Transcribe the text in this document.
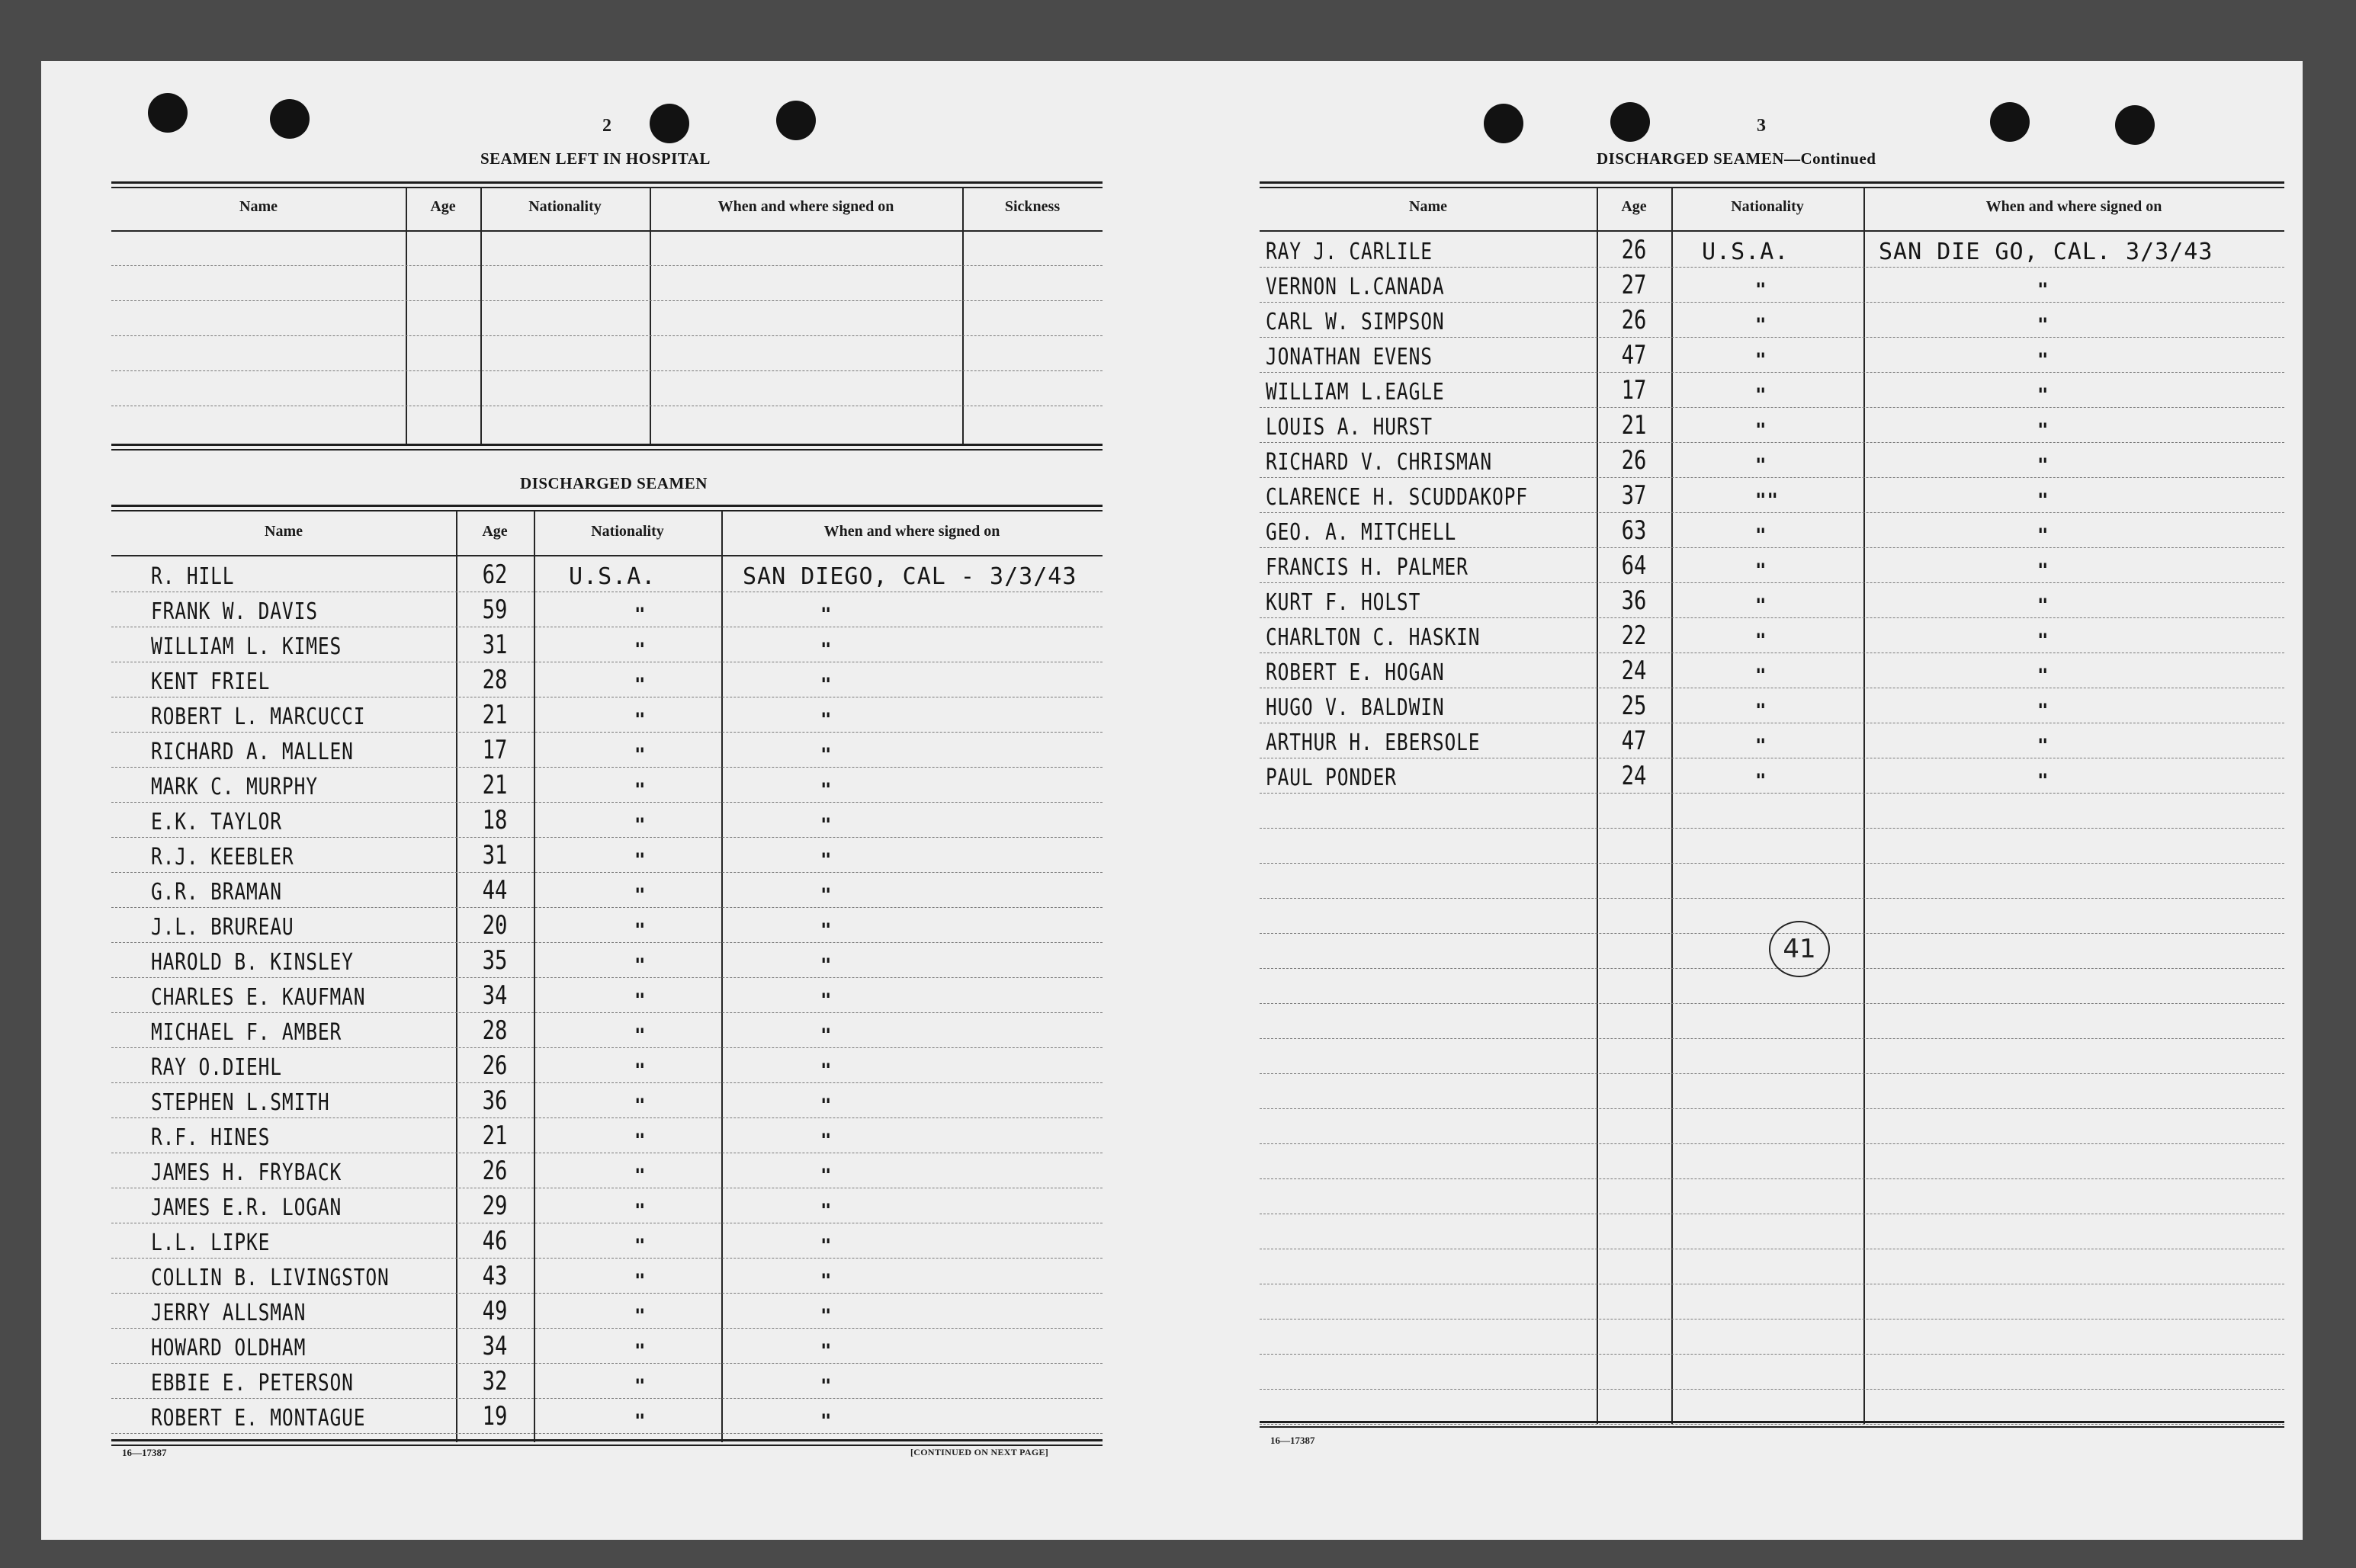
2
SEAMEN LEFT IN HOSPITAL
Name	Age	Nationality	When and where signed on	Sickness
DISCHARGED SEAMEN
Name	Age	Nationality	When and where signed on
R. HILL	62	U.S.A.	SAN DIEGO, CAL - 3/3/43
FRANK W. DAVIS	59	"	"
WILLIAM L. KIMES	31	"	"
KENT FRIEL	28	"	"
ROBERT L. MARCUCCI	21	"	"
RICHARD A. MALLEN	17	"	"
MARK C. MURPHY	21	"	"
E.K. TAYLOR	18	"	"
R.J. KEEBLER	31	"	"
G.R. BRAMAN	44	"	"
J.L. BRUREAU	20	"	"
HAROLD B. KINSLEY	35	"	"
CHARLES E. KAUFMAN	34	"	"
MICHAEL F. AMBER	28	"	"
RAY O.DIEHL	26	"	"
STEPHEN L.SMITH	36	"	"
R.F. HINES	21	"	"
JAMES H. FRYBACK	26	"	"
JAMES E.R. LOGAN	29	"	"
L.L. LIPKE	46	"	"
COLLIN B. LIVINGSTON	43	"	"
JERRY ALLSMAN	49	"	"
HOWARD OLDHAM	34	"	"
EBBIE E. PETERSON	32	"	"
ROBERT E. MONTAGUE	19	"	"
16—17387	[CONTINUED ON NEXT PAGE]
3
DISCHARGED SEAMEN—Continued
Name	Age	Nationality	When and where signed on
RAY J. CARLILE	26	U.S.A.	SAN DIE GO, CAL. 3/3/43
VERNON L.CANADA	27	"	"
CARL W. SIMPSON	26	"	"
JONATHAN EVENS	47	"	"
WILLIAM L.EAGLE	17	"	"
LOUIS A. HURST	21	"	"
RICHARD V. CHRISMAN	26	"	"
CLARENCE H. SCUDDAKOPF	37	""	"
GEO. A. MITCHELL	63	"	"
FRANCIS H. PALMER	64	"	"
KURT F. HOLST	36	"	"
CHARLTON C. HASKIN	22	"	"
ROBERT E. HOGAN	24	"	"
HUGO V. BALDWIN	25	"	"
ARTHUR H. EBERSOLE	47	"	"
PAUL PONDER	24	"	"
41
16—17387
